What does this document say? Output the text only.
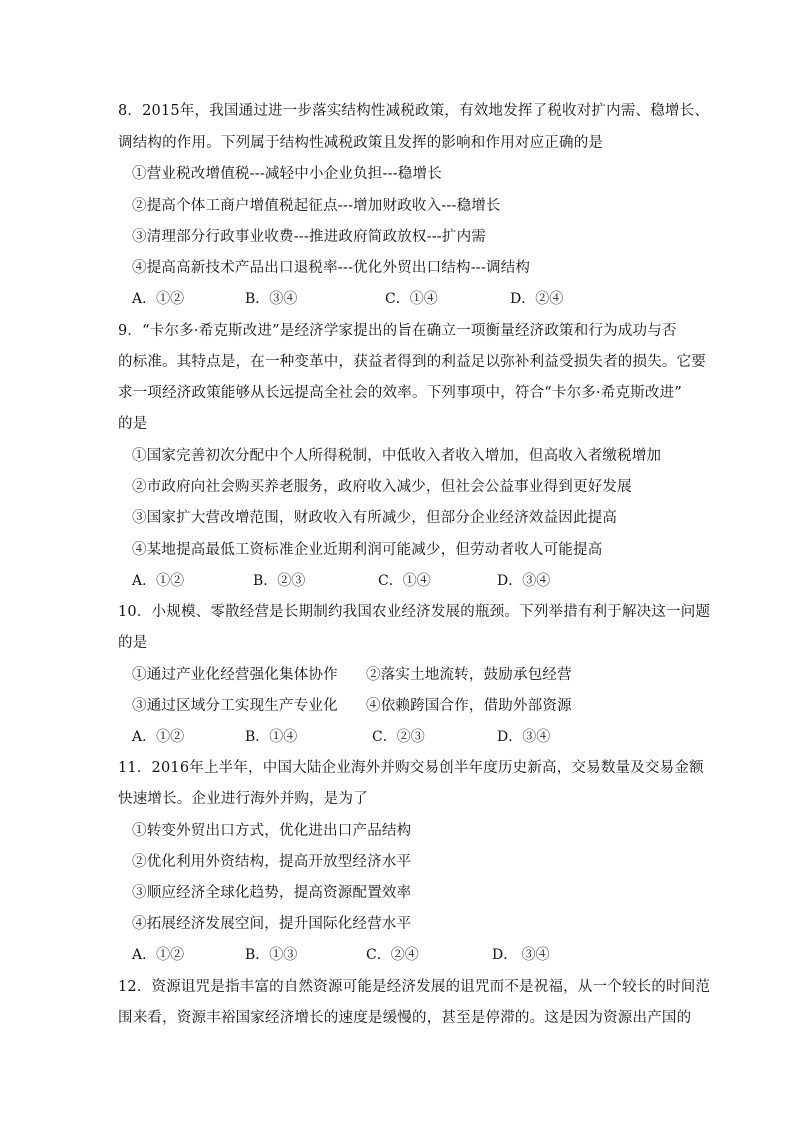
8．2015年，我国通过进一步落实结构性减税政策，有效地发挥了税收对扩内需、稳增长、
调结构的作用。下列属于结构性减税政策且发挥的影响和作用对应正确的是
①营业税改增值税---减轻中小企业负担---稳增长
②提高个体工商户增值税起征点---增加财政收入---稳增长
③清理部分行政事业收费---推进政府简政放权---扩内需
④提高高新技术产品出口退税率---优化外贸出口结构---调结构
A．①②	B．③④	C．①④	D．②④
9．“卡尔多·希克斯改进”是经济学家提出的旨在确立一项衡量经济政策和行为成功与否
的标准。其特点是，在一种变革中，获益者得到的利益足以弥补利益受损失者的损失。它要
求一项经济政策能够从长远提高全社会的效率。下列事项中，符合“卡尔多·希克斯改进”
的是
①国家完善初次分配中个人所得税制，中低收入者收入增加，但高收入者缴税增加
②市政府向社会购买养老服务，政府收入减少，但社会公益事业得到更好发展
③国家扩大营改增范围，财政收入有所减少，但部分企业经济效益因此提高
④某地提高最低工资标准企业近期利润可能减少，但劳动者收人可能提高
A．①②	B．②③	C．①④	D．③④
10．小规模、零散经营是长期制约我国农业经济发展的瓶颈。下列举措有利于解决这一问题
的是
①通过产业化经营强化集体协作 ②落实土地流转，鼓励承包经营
③通过区域分工实现生产专业化 ④依赖跨国合作，借助外部资源
A．①②	B．①④	C．②③	D．③④
11．2016年上半年，中国大陆企业海外并购交易创半年度历史新高，交易数量及交易金额
快速增长。企业进行海外并购，是为了
①转变外贸出口方式，优化进出口产品结构
②优化利用外资结构，提高开放型经济水平
③顺应经济全球化趋势，提高资源配置效率
④拓展经济发展空间，提升国际化经营水平
A．①②	B．①③	C．②④	D． ③④
12．资源诅咒是指丰富的自然资源可能是经济发展的诅咒而不是祝福，从一个较长的时间范
围来看，资源丰裕国家经济增长的速度是缓慢的，甚至是停滞的。这是因为资源出产国的
